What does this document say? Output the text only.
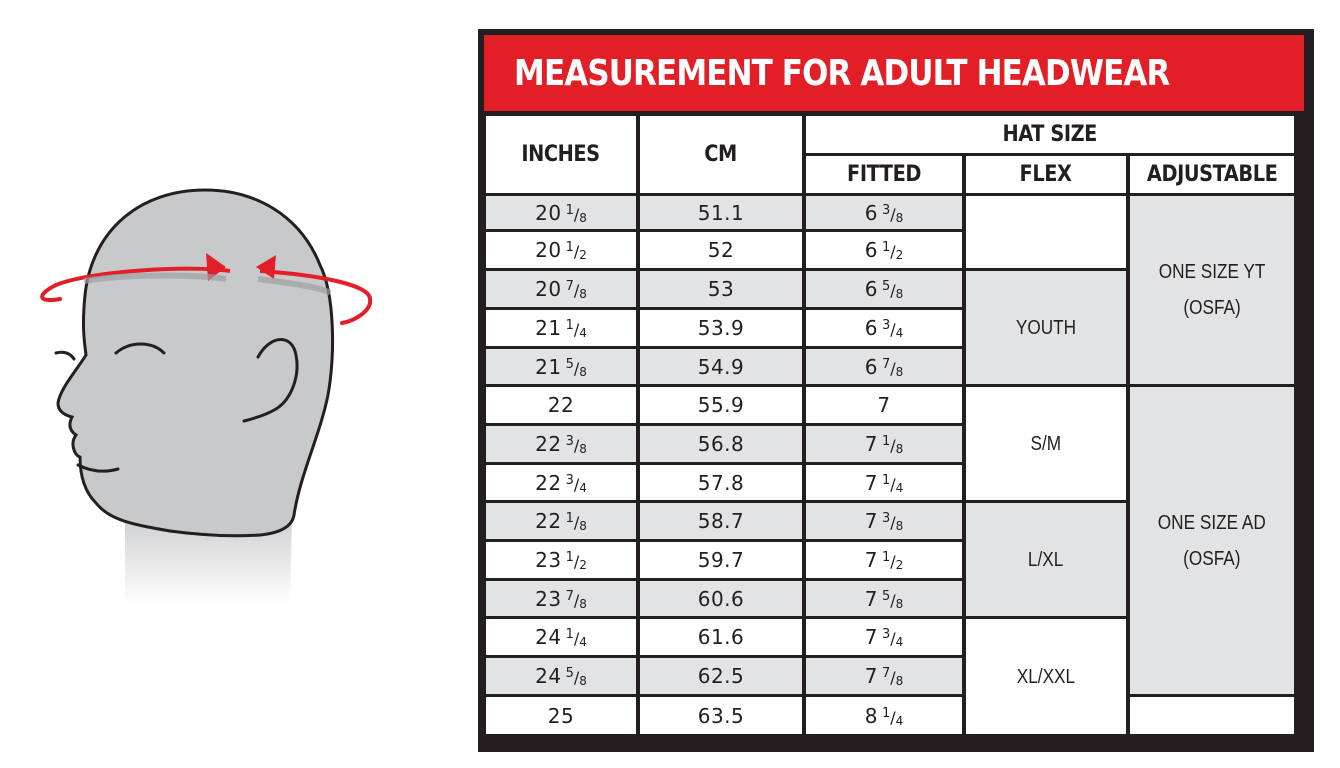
MEASUREMENT FOR ADULT HEADWEAR
INCHES	CM	HAT SIZE		
		FITTED	FLEX	ADJUSTABLE
20 $^1$/8	51.1	6 $^3$/8		ONE SIZE YT
(OSFA)

20 $^1$/2	52	6 $^1$/2		
20 $^7$/8	53	6 $^5$/8	YOUTH	
21 $^1$/4	53.9	6 $^3$/4		
21 $^5$/8	54.9	6 $^7$/8		
22	55.9	7	S/M	ONE SIZE AD
(OSFA)

22 $^3$/8	56.8	7 $^1$/8		
22 $^3$/4	57.8	7 $^1$/4		
22 $^1$/8	58.7	7 $^3$/8	L/XL	
23 $^1$/2	59.7	7 $^1$/2		
23 $^7$/8	60.6	7 $^5$/8		
24 $^1$/4	61.6	7 $^3$/4	XL/XXL	
24 $^5$/8	62.5	7 $^7$/8		
25	63.5	8 $^1$/4		
